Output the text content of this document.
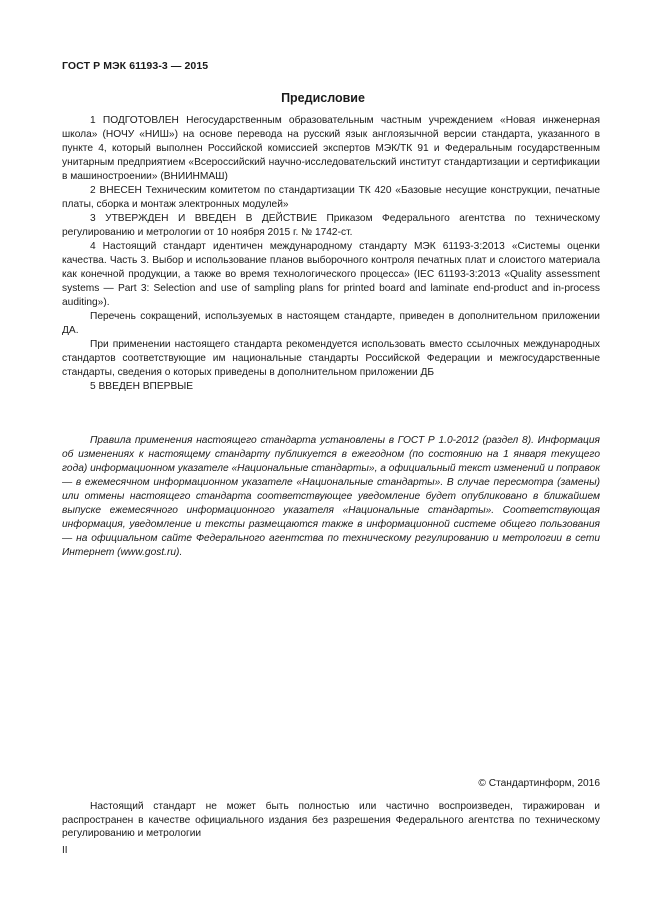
ГОСТ Р МЭК 61193-3 — 2015
Предисловие

1 ПОДГОТОВЛЕН Негосударственным образовательным частным учреждением «Новая инженерная школа» (НОЧУ «НИШ») на основе перевода на русский язык англоязычной версии стандарта, указанного в пункте 4, который выполнен Российской комиссией экспертов МЭК/ТК 91 и Федеральным государственным унитарным предприятием «Всероссийский научно-исследовательский институт стандартизации и сертификации в машиностроении» (ВНИИНМАШ)

2 ВНЕСЕН Техническим комитетом по стандартизации ТК 420 «Базовые несущие конструкции, печатные платы, сборка и монтаж электронных модулей»

3 УТВЕРЖДЕН И ВВЕДЕН В ДЕЙСТВИЕ Приказом Федерального агентства по техническому регулированию и метрологии от 10 ноября 2015 г. № 1742-ст.

4 Настоящий стандарт идентичен международному стандарту МЭК 61193-3:2013 «Системы оценки качества. Часть 3. Выбор и использование планов выборочного контроля печатных плат и слоистого материала как конечной продукции, а также во время технологического процесса» (IEC 61193-3:2013 «Quality assessment systems — Part 3: Selection and use of sampling plans for printed board and laminate end-product and in-process auditing»).

Перечень сокращений, используемых в настоящем стандарте, приведен в дополнительном приложении ДА.

При применении настоящего стандарта рекомендуется использовать вместо ссылочных международных стандартов соответствующие им национальные стандарты Российской Федерации и межгосударственные стандарты, сведения о которых приведены в дополнительном приложении ДБ

5 ВВЕДЕН ВПЕРВЫЕ

Правила применения настоящего стандарта установлены в ГОСТ Р 1.0-2012 (раздел 8). Информация об изменениях к настоящему стандарту публикуется в ежегодном (по состоянию на 1 января текущего года) информационном указателе «Национальные стандарты», а официальный текст изменений и поправок — в ежемесячном информационном указателе «Национальные стандарты». В случае пересмотра (замены) или отмены настоящего стандарта соответствующее уведомление будет опубликовано в ближайшем выпуске ежемесячного информационного указателя «Национальные стандарты». Соответствующая информация, уведомление и тексты размещаются также в информационной системе общего пользования — на официальном сайте Федерального агентства по техническому регулированию и метрологии в сети Интернет (www.gost.ru).

© Стандартинформ, 2016

Настоящий стандарт не может быть полностью или частично воспроизведен, тиражирован и распространен в качестве официального издания без разрешения Федерального агентства по техническому регулированию и метрологии

II
